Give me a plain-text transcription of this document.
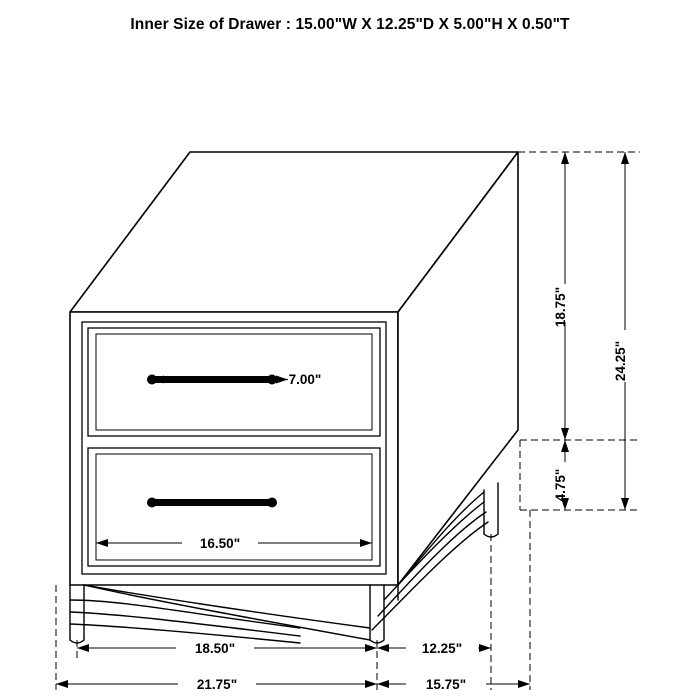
Inner Size of Drawer : 15.00"W X 12.25"D X 5.00"H X 0.50"T
18.75"
4.75"
24.25"
7.00"
16.50"
18.50"	12.25"
21.75"	15.75"
